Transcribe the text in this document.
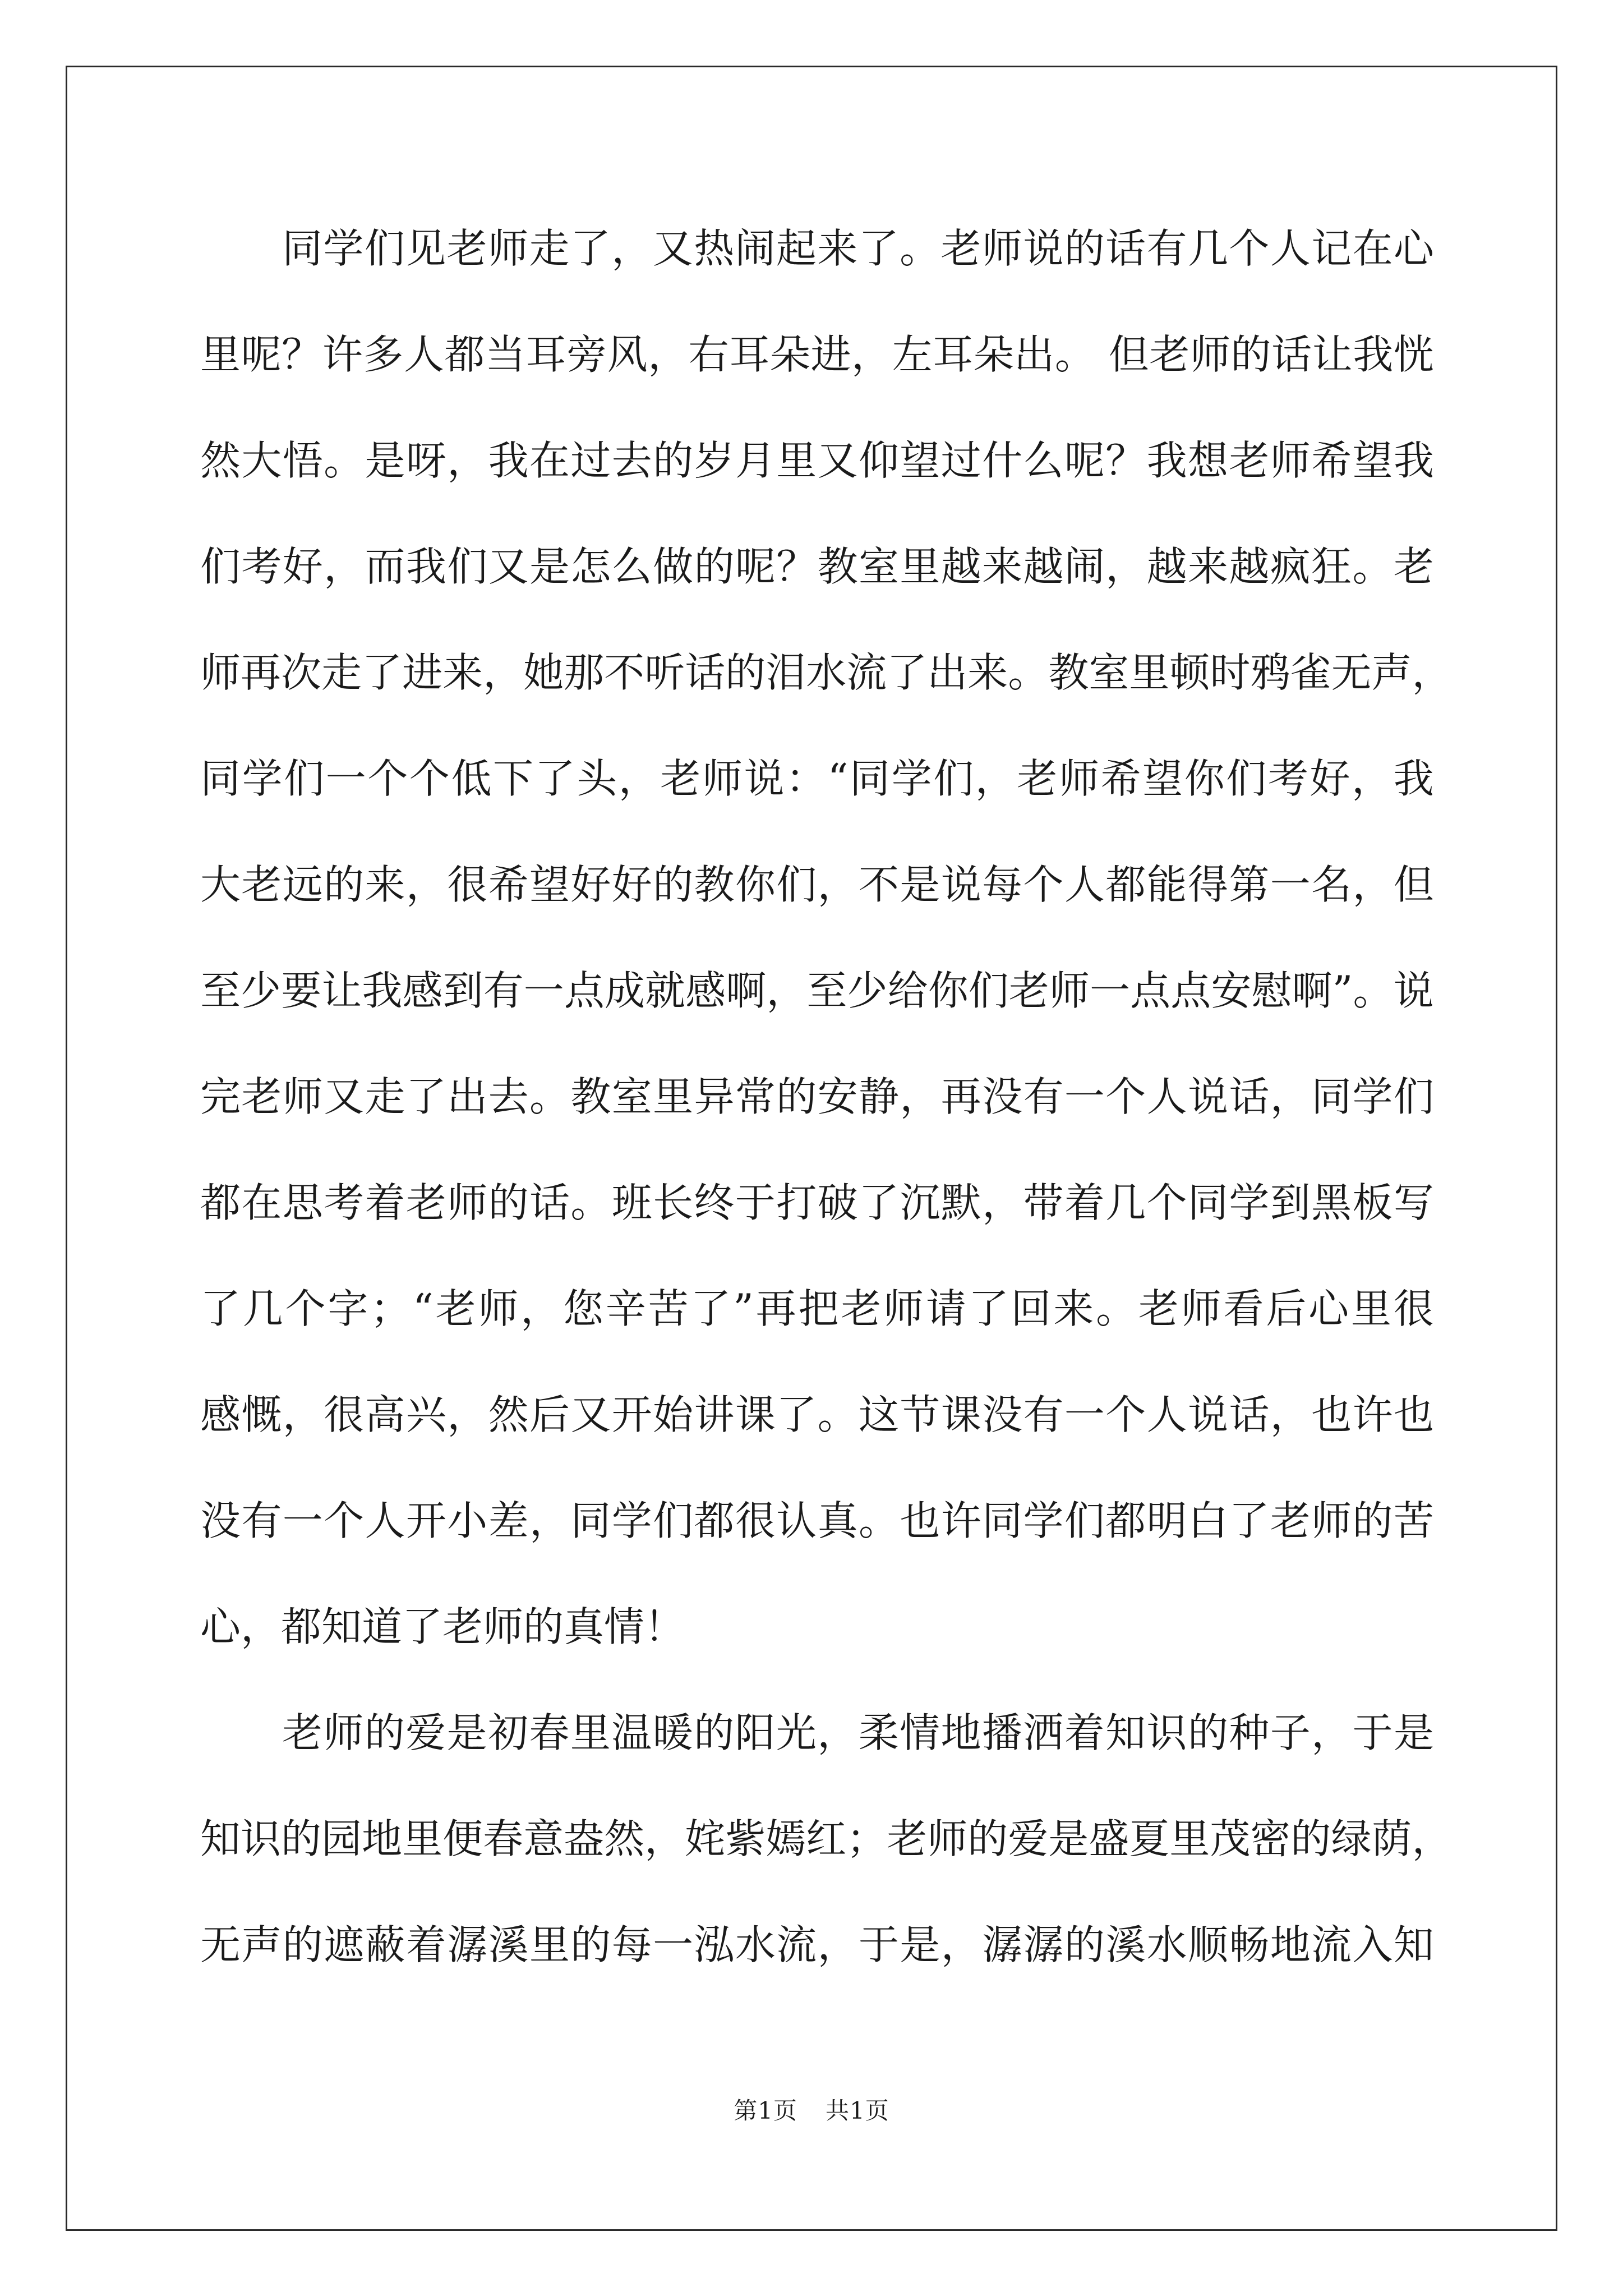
同 学 们 见 老 师 走 了 ， 又 热 闹 起 来 了 。 老 师 说 的 话 有 几 个 人 记 在 心
里 呢 ？ 许 多 人 都 当 耳 旁 风 ， 右 耳 朵 进 ， 左 耳 朵 出 。
但 老 师 的 话 让 我 恍
然 大 悟 。 是 呀 ， 我 在 过 去 的 岁 月 里 又 仰 望 过 什 么 呢 ？ 我 想 老 师 希 望 我
们 考 好 ， 而 我 们 又 是 怎 么 做 的 呢 ？ 教 室 里 越 来 越 闹 ， 越 来 越 疯 狂 。 老
师 再 次 走 了 进 来 ， 她 那 不 听 话 的 泪 水 流 了 出 来 。 教 室 里 顿 时 鸦 雀 无 声 ，
同 学 们 一 个 个 低 下 了 头 ， 老 师 说 ： “ 同 学 们 ， 老 师 希 望 你 们 考 好 ， 我
大 老 远 的 来 ， 很 希 望 好 好 的 教 你 们 ， 不 是 说 每 个 人 都 能 得 第 一 名 ， 但
至 少 要 让 我 感 到 有 一 点 成 就 感 啊 ， 至 少 给 你 们 老 师 一 点 点 安 慰 啊 ” 。 说
完 老 师 又 走 了 出 去 。 教 室 里 异 常 的 安 静 ， 再 没 有 一 个 人 说 话 ， 同 学 们
都 在 思 考 着 老 师 的 话 。 班 长 终 于 打 破 了 沉 默 ， 带 着 几 个 同 学 到 黑 板 写
了 几 个 字 ； “ 老 师 ， 您 辛 苦 了 ” 再 把 老 师 请 了 回 来 。 老 师 看 后 心 里 很
感 慨 ， 很 高 兴 ， 然 后 又 开 始 讲 课 了 。 这 节 课 没 有 一 个 人 说 话 ， 也 许 也
没 有 一 个 人 开 小 差 ， 同 学 们 都 很 认 真 。 也 许 同 学 们 都 明 白 了 老 师 的 苦
心，都知道了老师的真情！
老 师 的 爱 是 初 春 里 温 暖 的 阳 光 ， 柔 情 地 播 洒 着 知 识 的 种 子 ， 于 是
知 识 的 园 地 里 便 春 意 盎 然 ， 姹 紫 嫣 红 ； 老 师 的 爱 是 盛 夏 里 茂 密 的 绿 荫 ，
无 声 的 遮 蔽 着 潺 溪 里 的 每 一 泓 水 流 ， 于 是 ， 潺 潺 的 溪 水 顺 畅 地 流 入 知
第1页 共1页
